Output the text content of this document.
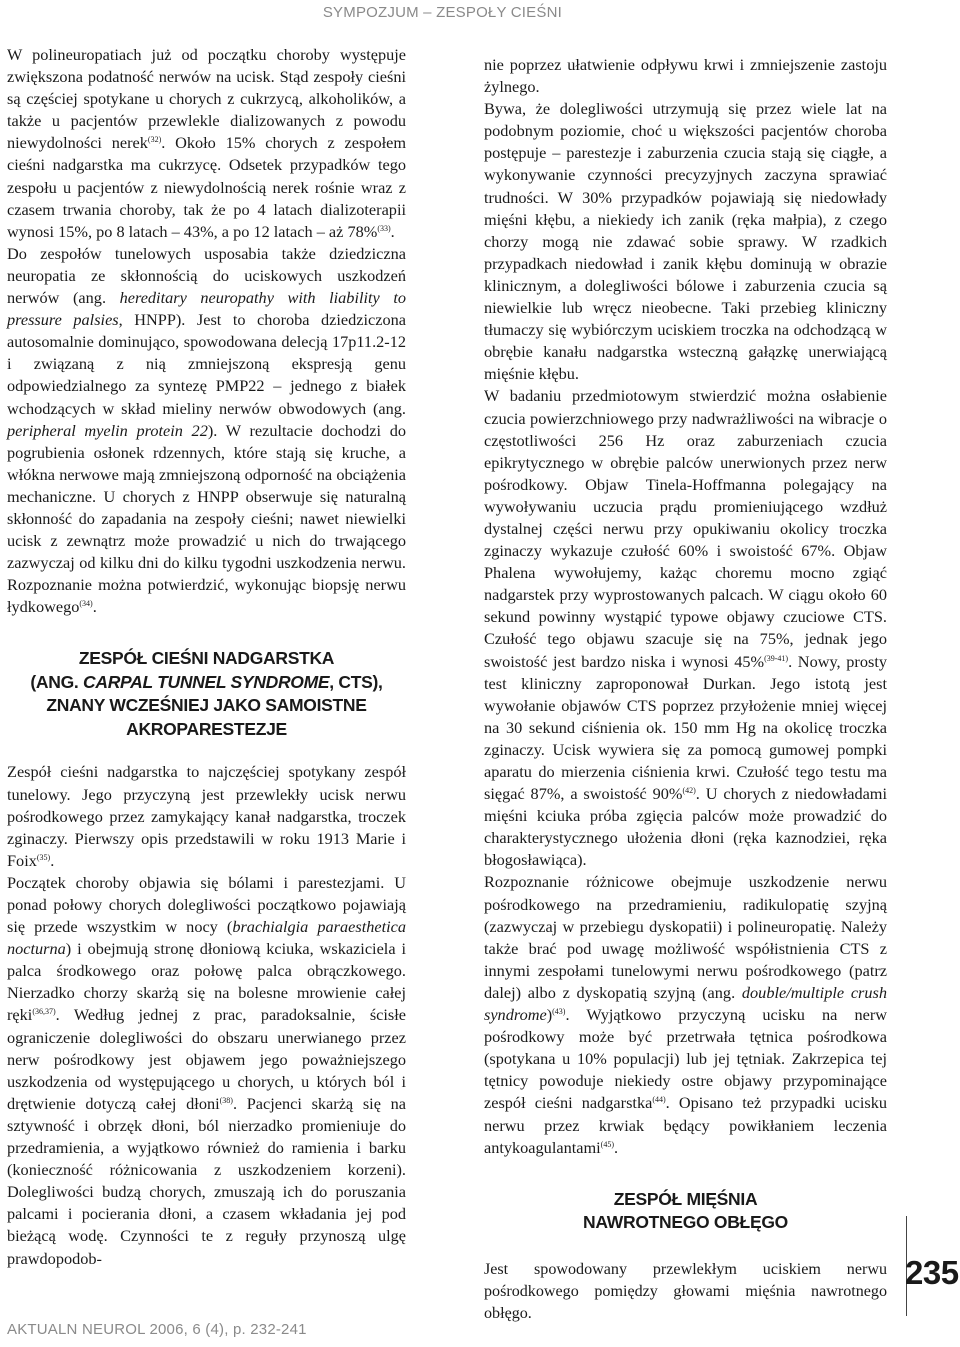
SYMPOZJUM – ZESPOŁY CIEŚNI

W polineuropatiach już od początku choroby występuje zwiększona podatność nerwów na ucisk. Stąd zespoły cieśni są częściej spotykane u chorych z cukrzycą, alkoholików, a także u pacjentów przewlekle dializowanych z powodu niewydolności nerek$^{(32)}$. Około 15% chorych z zespołem cieśni nadgarstka ma cukrzycę. Odsetek przypadków tego zespołu u pacjentów z niewydolnością nerek rośnie wraz z czasem trwania choroby, tak że po 4 latach dializoterapii wynosi 15%, po 8 latach – 43%, a po 12 latach – aż 78%$^{(33)}$.

Do zespołów tunelowych usposabia także dziedziczna neuropatia ze skłonnością do uciskowych uszkodzeń nerwów (ang. hereditary neuropathy with liability to pressure palsies, HNPP). Jest to choroba dziedziczona autosomalnie dominująco, spowodowana delecją 17p11.2-12 i związaną z nią zmniejszoną ekspresją genu odpowiedzialnego za syntezę PMP22 – jednego z białek wchodzących w skład mieliny nerwów obwodowych (ang. peripheral myelin protein 22). W rezultacie dochodzi do pogrubienia osłonek rdzennych, które stają się kruche, a włókna nerwowe mają zmniejszoną odporność na obciążenia mechaniczne. U chorych z HNPP obserwuje się naturalną skłonność do zapadania na zespoły cieśni; nawet niewielki ucisk z zewnątrz może prowadzić u nich do trwającego zazwyczaj od kilku dni do kilku tygodni uszkodzenia nerwu. Rozpoznanie można potwierdzić, wykonując biopsję nerwu łydkowego$^{(34)}$.

ZESPÓŁ CIEŚNI NADGARSTKA
(ANG. CARPAL TUNNEL SYNDROME, CTS),
ZNANY WCZEŚNIEJ JAKO SAMOISTNE
AKROPARESTEZJE

Zespół cieśni nadgarstka to najczęściej spotykany zespół tunelowy. Jego przyczyną jest przewlekły ucisk nerwu pośrodkowego przez zamykający kanał nadgarstka, troczek zginaczy. Pierwszy opis przedstawili w roku 1913 Marie i Foix$^{(35)}$.

Początek choroby objawia się bólami i parestezjami. U ponad połowy chorych dolegliwości początkowo pojawiają się przede wszystkim w nocy (brachialgia paraesthetica nocturna) i obejmują stronę dłoniową kciuka, wskaziciela i palca środkowego oraz połowę palca obrączkowego. Nierzadko chorzy skarżą się na bolesne mrowienie całej ręki$^{(36,37)}$. Według jednej z prac, paradoksalnie, ścisłe ograniczenie dolegliwości do obszaru unerwianego przez nerw pośrodkowy jest objawem jego poważniejszego uszkodzenia od występującego u chorych, u których ból i drętwienie dotyczą całej dłoni$^{(38)}$. Pacjenci skarżą się na sztywność i obrzęk dłoni, ból nierzadko promieniuje do przedramienia, a wyjątkowo również do ramienia i barku (konieczność różnicowania z uszkodzeniem korzeni). Dolegliwości budzą chorych, zmuszają ich do poruszania palcami i pocierania dłoni, a czasem wkładania jej pod bieżącą wodę. Czynności te z reguły przynoszą ulgę prawdopodob-

nie poprzez ułatwienie odpływu krwi i zmniejszenie zastoju żylnego.

Bywa, że dolegliwości utrzymują się przez wiele lat na podobnym poziomie, choć u większości pacjentów choroba postępuje – parestezje i zaburzenia czucia stają się ciągłe, a wykonywanie czynności precyzyjnych zaczyna sprawiać trudności. W 30% przypadków pojawiają się niedowłady mięśni kłębu, a niekiedy ich zanik (ręka małpia), z czego chorzy mogą nie zdawać sobie sprawy. W rzadkich przypadkach niedowład i zanik kłębu dominują w obrazie klinicznym, a dolegliwości bólowe i zaburzenia czucia są niewielkie lub wręcz nieobecne. Taki przebieg kliniczny tłumaczy się wybiórczym uciskiem troczka na odchodzącą w obrębie kanału nadgarstka wsteczną gałązkę unerwiającą mięśnie kłębu.

W badaniu przedmiotowym stwierdzić można osłabienie czucia powierzchniowego przy nadwrażliwości na wibracje o częstotliwości 256 Hz oraz zaburzeniach czucia epikrytycznego w obrębie palców unerwionych przez nerw pośrodkowy. Objaw Tinela-Hoffmanna polegający na wywoływaniu uczucia prądu promieniującego wzdłuż dystalnej części nerwu przy opukiwaniu okolicy troczka zginaczy wykazuje czułość 60% i swoistość 67%. Objaw Phalena wywołujemy, każąc choremu mocno zgiąć nadgarstek przy wyprostowanych palcach. W ciągu około 60 sekund powinny wystąpić typowe objawy czuciowe CTS. Czułość tego objawu szacuje się na 75%, jednak jego swoistość jest bardzo niska i wynosi 45%$^{(39-41)}$. Nowy, prosty test kliniczny zaproponował Durkan. Jego istotą jest wywołanie objawów CTS poprzez przyłożenie mniej więcej na 30 sekund ciśnienia ok. 150 mm Hg na okolicę troczka zginaczy. Ucisk wywiera się za pomocą gumowej pompki aparatu do mierzenia ciśnienia krwi. Czułość tego testu ma sięgać 87%, a swoistość 90%$^{(42)}$. U chorych z niedowładami mięśni kciuka próba zgięcia palców może prowadzić do charakterystycznego ułożenia dłoni (ręka kaznodziei, ręka błogosławiąca).

Rozpoznanie różnicowe obejmuje uszkodzenie nerwu pośrodkowego na przedramieniu, radikulopatię szyjną (zazwyczaj w przebiegu dyskopatii) i polineuropatię. Należy także brać pod uwagę możliwość współistnienia CTS z innymi zespołami tunelowymi nerwu pośrodkowego (patrz dalej) albo z dyskopatią szyjną (ang. double/multiple crush syndrome)$^{(43)}$. Wyjątkowo przyczyną ucisku na nerw pośrodkowy może być przetrwała tętnica pośrodkowa (spotykana u 10% populacji) lub jej tętniak. Zakrzepica tej tętnicy powoduje niekiedy ostre objawy przypominające zespół cieśni nadgarstka$^{(44)}$. Opisano też przypadki ucisku nerwu przez krwiak będący powikłaniem leczenia antykoagulantami$^{(45)}$.

ZESPÓŁ MIĘŚNIA
NAWROTNEGO OBŁĘGO

Jest spowodowany przewlekłym uciskiem nerwu pośrodkowego pomiędzy głowami mięśnia nawrotnego obłęgo.

235
AKTUALN NEUROL 2006, 6 (4), p. 232-241
